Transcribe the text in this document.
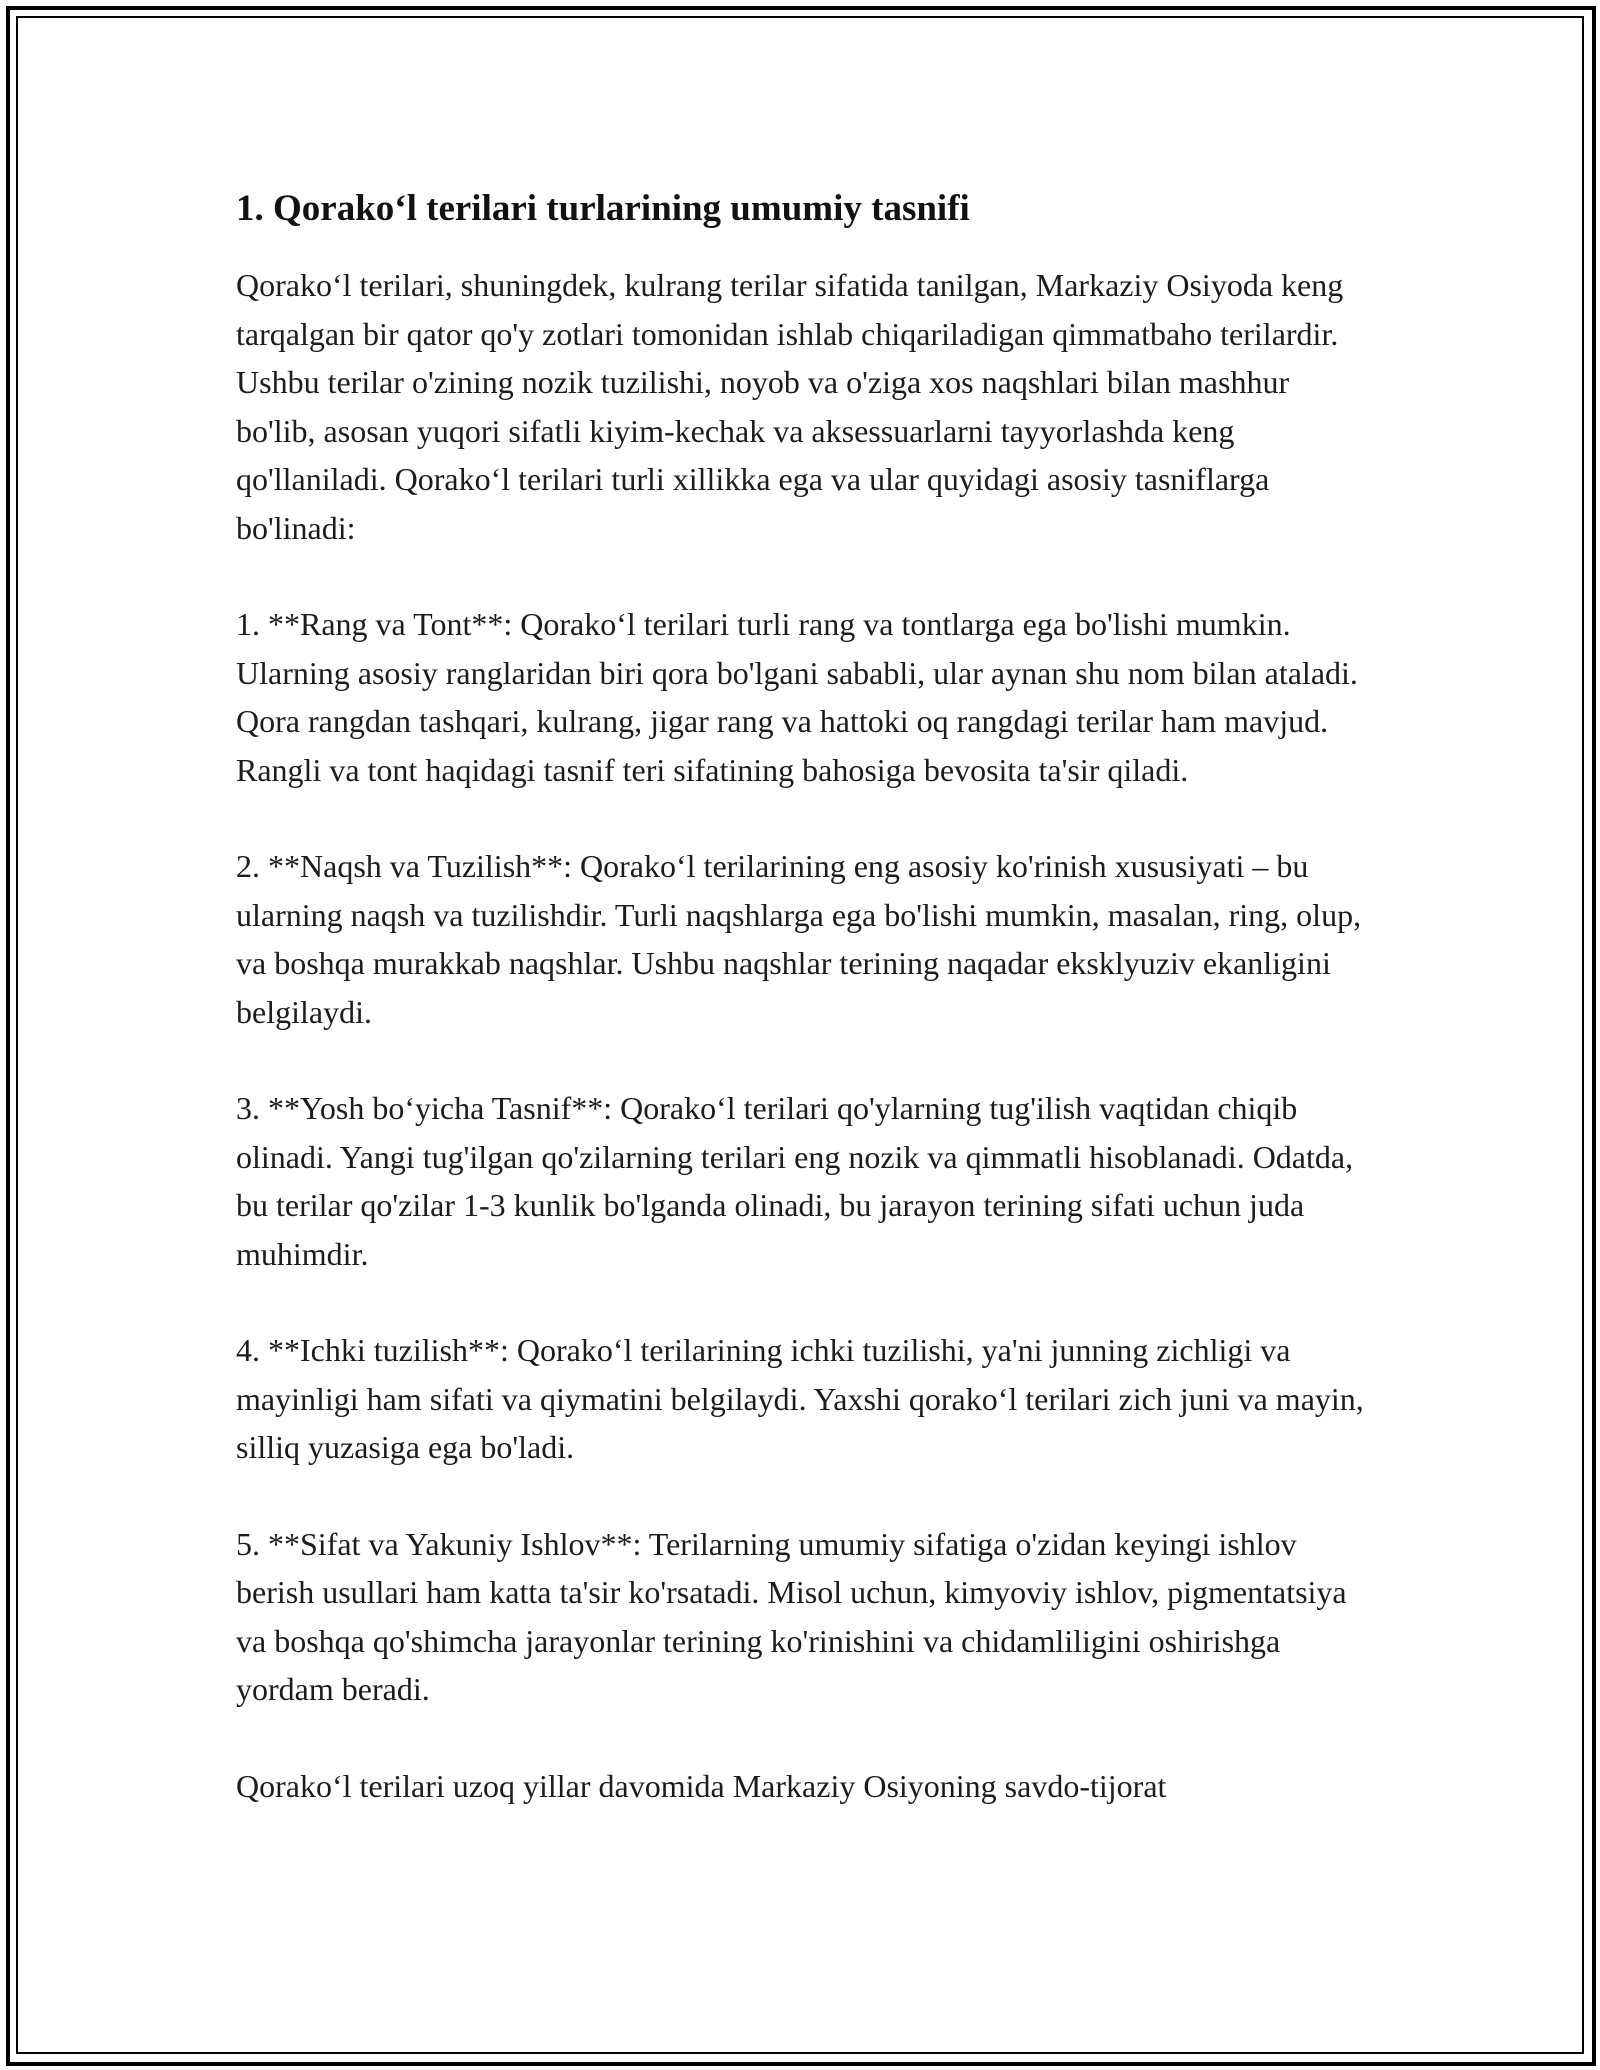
1. Qorako‘l terilari turlarining umumiy tasnifi

Qorako‘l terilari, shuningdek, kulrang terilar sifatida tanilgan, Markaziy Osiyoda keng tarqalgan bir qator qo'y zotlari tomonidan ishlab chiqariladigan qimmatbaho terilardir. Ushbu terilar o'zining nozik tuzilishi, noyob va o'ziga xos naqshlari bilan mashhur bo'lib, asosan yuqori sifatli kiyim-kechak va aksessuarlarni tayyorlashda keng qo'llaniladi. Qorako‘l terilari turli xillikka ega va ular quyidagi asosiy tasniflarga bo'linadi:

1. **Rang va Tont**: Qorako‘l terilari turli rang va tontlarga ega bo'lishi mumkin. Ularning asosiy ranglaridan biri qora bo'lgani sababli, ular aynan shu nom bilan ataladi. Qora rangdan tashqari, kulrang, jigar rang va hattoki oq rangdagi terilar ham mavjud. Rangli va tont haqidagi tasnif teri sifatining bahosiga bevosita ta'sir qiladi.

2. **Naqsh va Tuzilish**: Qorako‘l terilarining eng asosiy ko'rinish xususiyati – bu ularning naqsh va tuzilishdir. Turli naqshlarga ega bo'lishi mumkin, masalan, ring, olup, va boshqa murakkab naqshlar. Ushbu naqshlar terining naqadar eksklyuziv ekanligini belgilaydi.

3. **Yosh bo‘yicha Tasnif**: Qorako‘l terilari qo'ylarning tug'ilish vaqtidan chiqib olinadi. Yangi tug'ilgan qo'zilarning terilari eng nozik va qimmatli hisoblanadi. Odatda, bu terilar qo'zilar 1-3 kunlik bo'lganda olinadi, bu jarayon terining sifati uchun juda muhimdir.

4. **Ichki tuzilish**: Qorako‘l terilarining ichki tuzilishi, ya'ni junning zichligi va mayinligi ham sifati va qiymatini belgilaydi. Yaxshi qorako‘l terilari zich juni va mayin, silliq yuzasiga ega bo'ladi.

5. **Sifat va Yakuniy Ishlov**: Terilarning umumiy sifatiga o'zidan keyingi ishlov berish usullari ham katta ta'sir ko'rsatadi. Misol uchun, kimyoviy ishlov, pigmentatsiya va boshqa qo'shimcha jarayonlar terining ko'rinishini va chidamliligini oshirishga yordam beradi.

Qorako‘l terilari uzoq yillar davomida Markaziy Osiyoning savdo-tijorat
